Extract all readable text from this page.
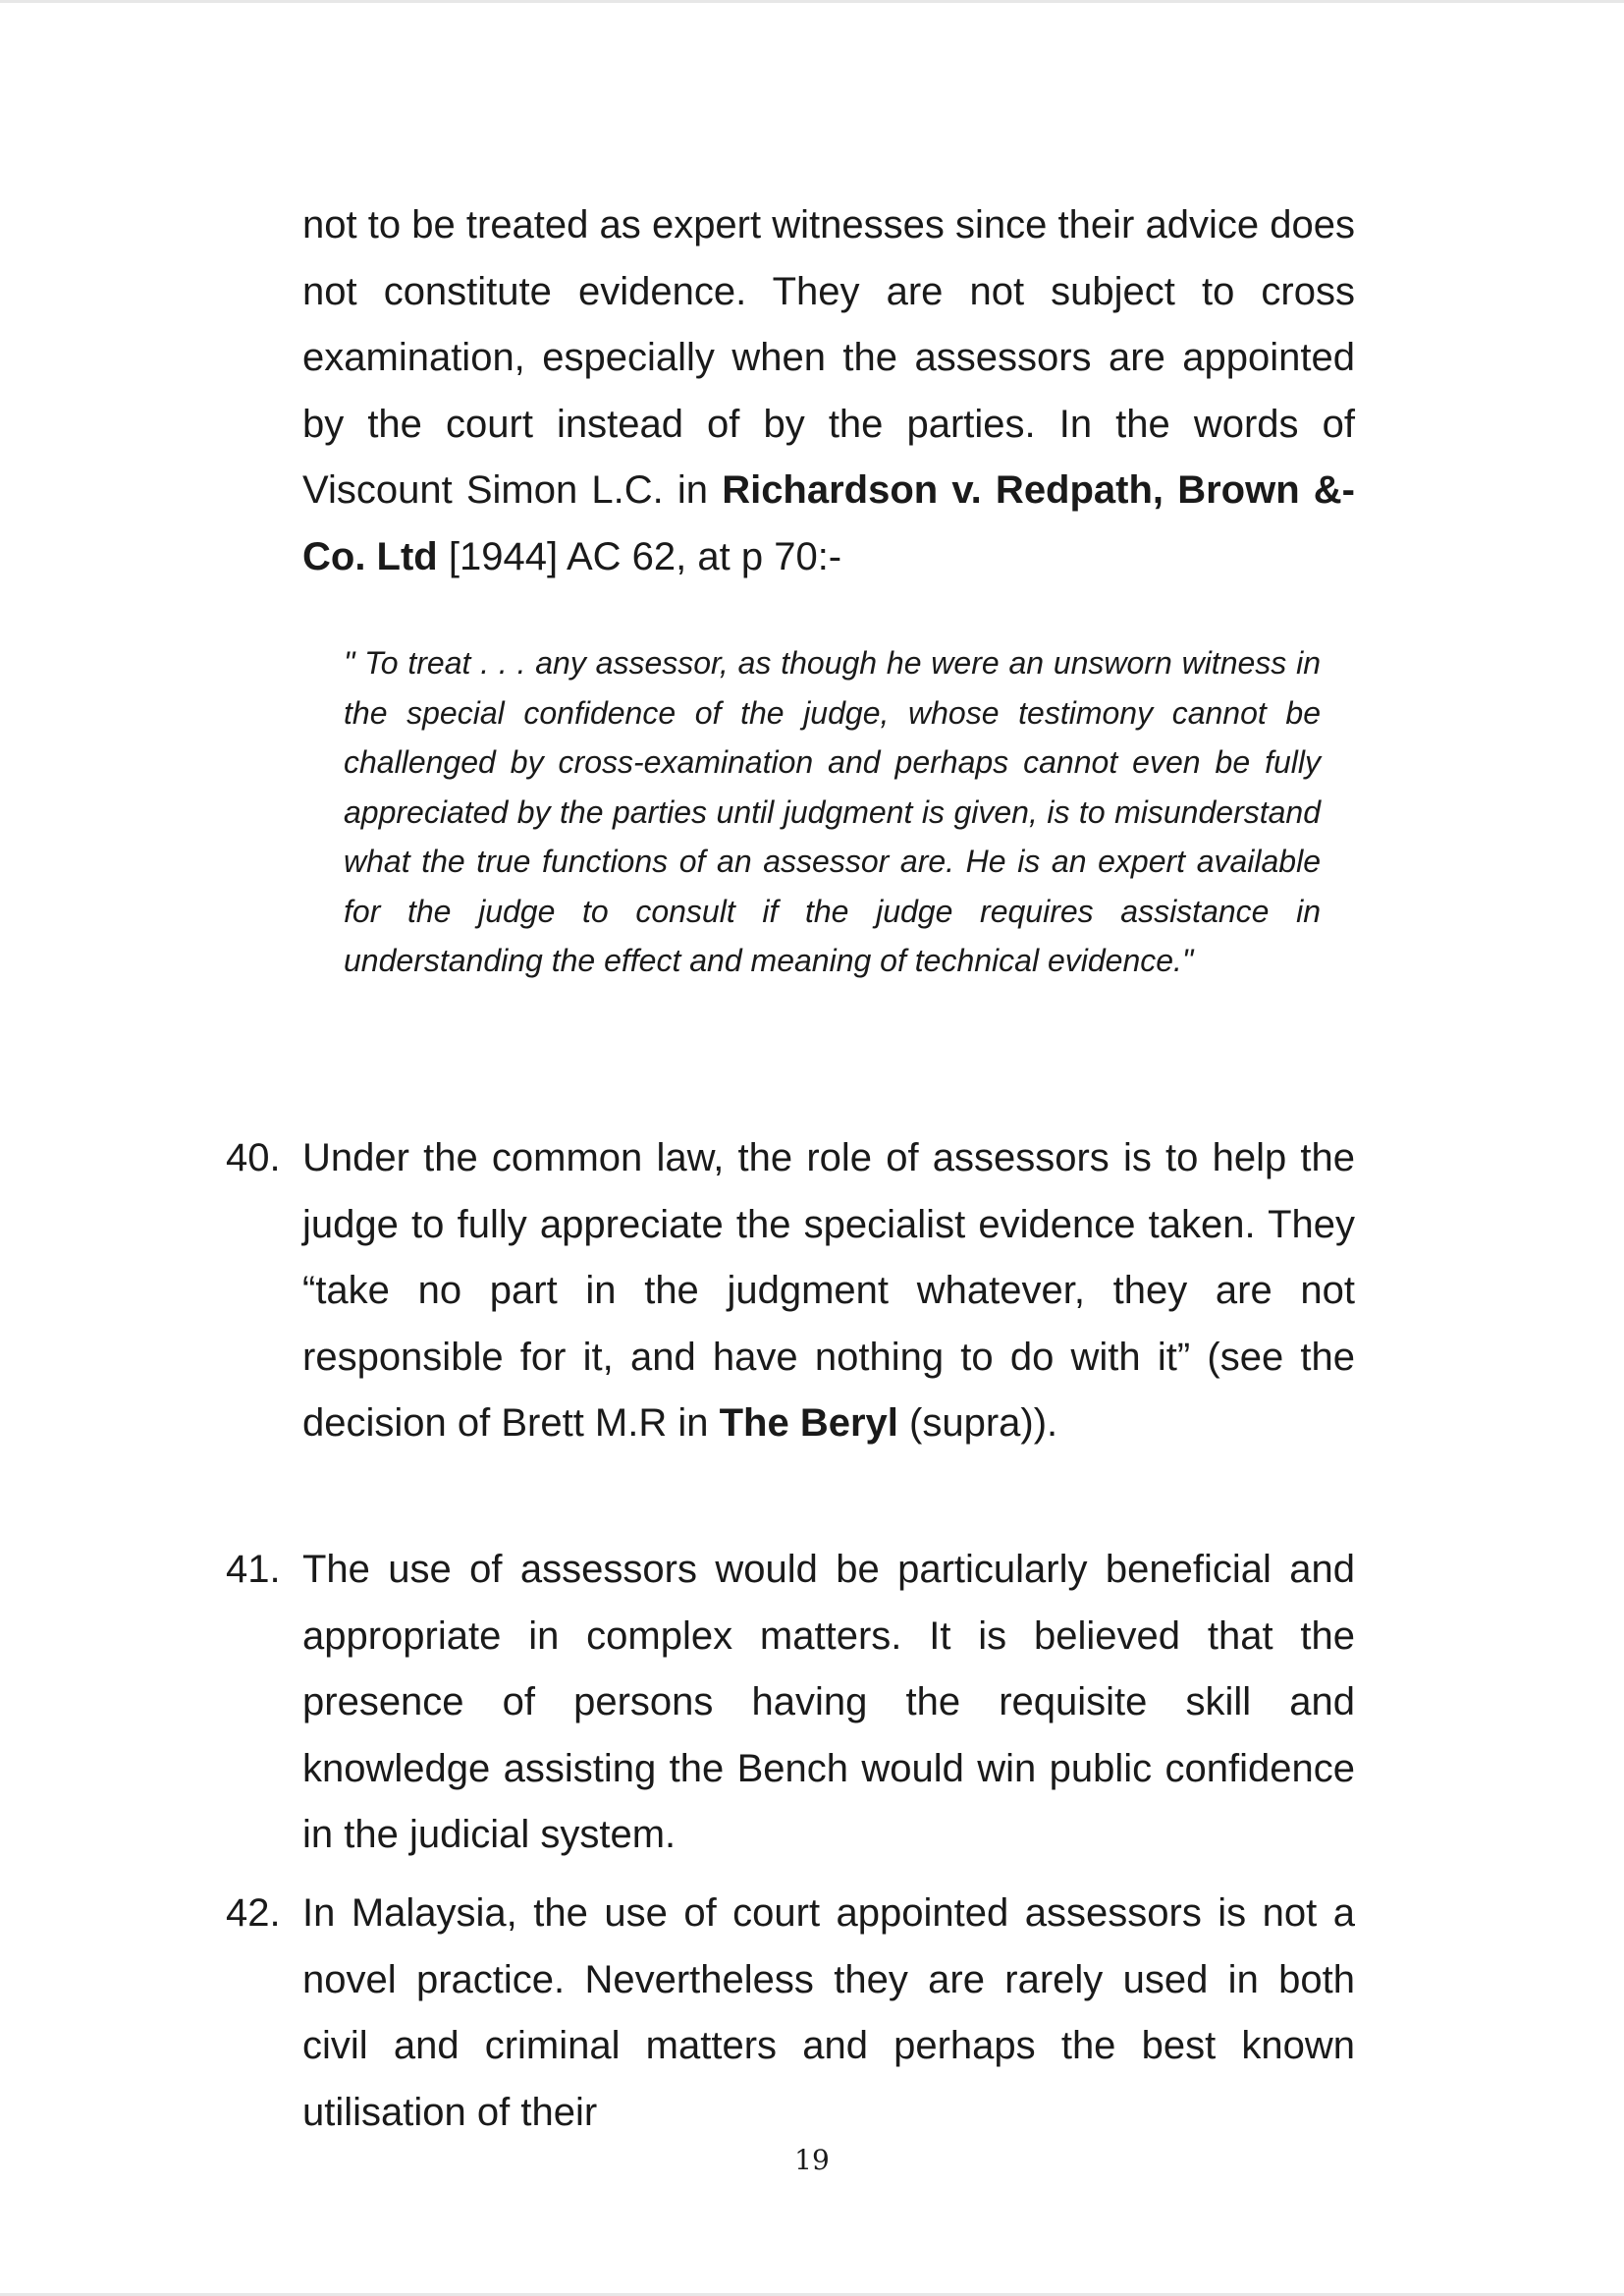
not to be treated as expert witnesses since their advice does not constitute evidence. They are not subject to cross examination, especially when the assessors are appointed by the court instead of by the parties. In the words of Viscount Simon L.C. in Richardson v. Redpath, Brown &- Co. Ltd [1944] AC 62, at p 70:-

" To treat . . . any assessor, as though he were an unsworn witness in the special confidence of the judge, whose testimony cannot be challenged by cross-examination and perhaps cannot even be fully appreciated by the parties until judgment is given, is to misunderstand what the true functions of an assessor are. He is an expert available for the judge to consult if the judge requires assistance in understanding the effect and meaning of technical evidence."

40. Under the common law, the role of assessors is to help the judge to fully appreciate the specialist evidence taken. They “take no part in the judgment whatever, they are not responsible for it, and have nothing to do with it” (see the decision of Brett M.R in The Beryl (supra)).

41. The use of assessors would be particularly beneficial and appropriate in complex matters. It is believed that the presence of persons having the requisite skill and knowledge assisting the Bench would win public confidence in the judicial system.

42. In Malaysia, the use of court appointed assessors is not a novel practice. Nevertheless they are rarely used in both civil and criminal matters and perhaps the best known utilisation of their

19
